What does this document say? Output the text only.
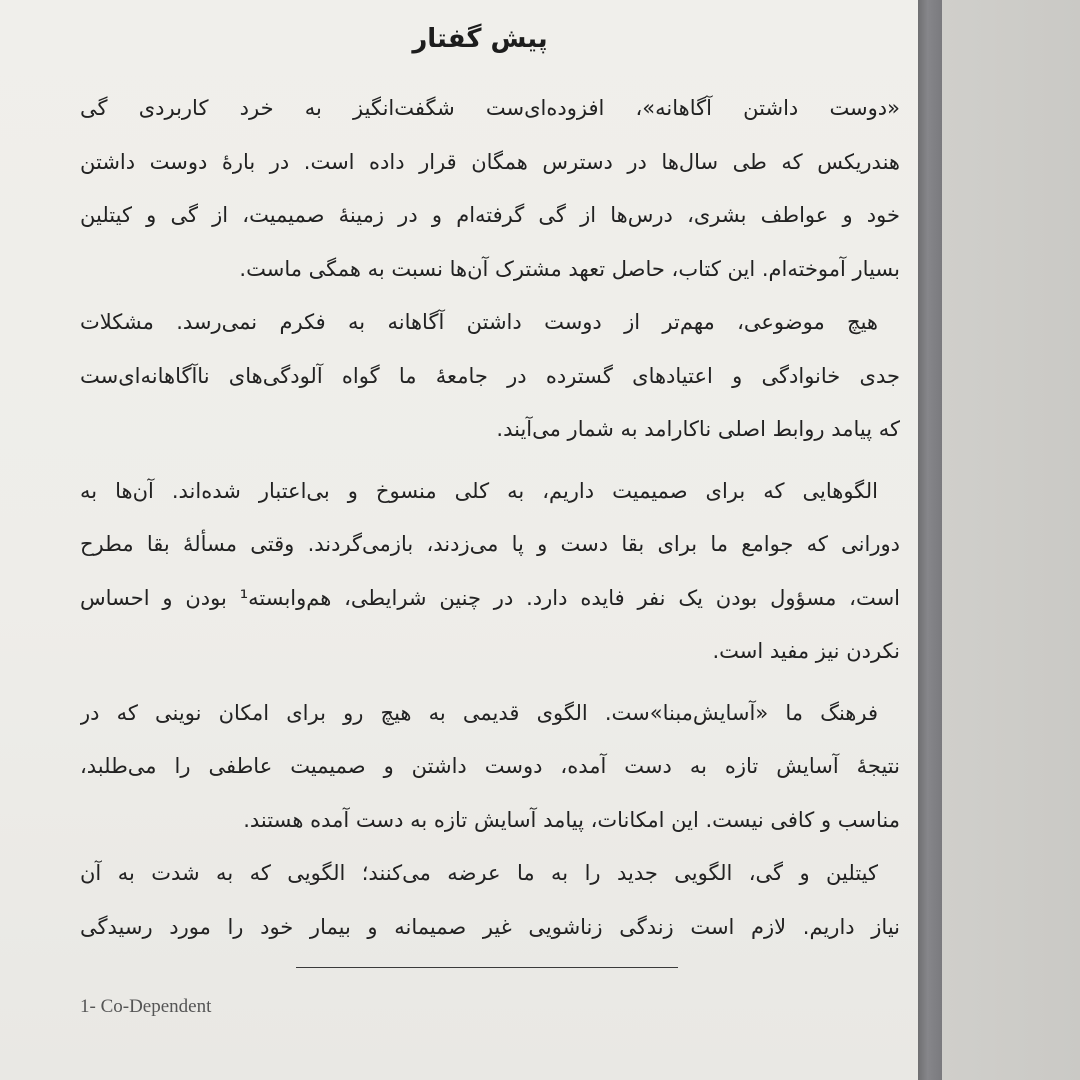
پیش گفتار
«دوست داشتن آگاهانه»، افزوده‌ای‌ست شگفت‌انگیز به خرد کاربردی گی
هندریکس که طی سال‌ها در دسترس همگان قرار داده است. در بارهٔ دوست داشتن
خود و عواطف بشری، درس‌ها از گی گرفته‌ام و در زمینهٔ صمیمیت، از گی و کیتلین
بسیار آموخته‌ام. این کتاب، حاصل تعهد مشترک آن‌ها نسبت به همگی ماست.
هیچ موضوعی، مهم‌تر از دوست داشتن آگاهانه به فکرم نمی‌رسد. مشکلات
جدی خانوادگی و اعتیادهای گسترده در جامعهٔ ما گواه آلودگی‌های ناآگاهانه‌ای‌ست
که پیامد روابط اصلی ناکارامد به شمار می‌آیند.
الگوهایی که برای صمیمیت داریم، به کلی منسوخ و بی‌اعتبار شده‌اند. آن‌ها به
دورانی که جوامع ما برای بقا دست و پا می‌زدند، بازمی‌گردند. وقتی مسألهٔ بقا مطرح
است، مسؤول بودن یک نفر فایده دارد. در چنین شرایطی، هم‌وابسته¹ بودن و احساس
نکردن نیز مفید است.
فرهنگ ما «آسایش‌مبنا»ست. الگوی قدیمی به هیچ رو برای امکان نوینی که در
نتیجهٔ آسایش تازه به دست آمده، دوست داشتن و صمیمیت عاطفی را می‌طلبد،
مناسب و کافی نیست. این امکانات، پیامد آسایش تازه به دست آمده هستند.
کیتلین و گی، الگویی جدید را به ما عرضه می‌کنند؛ الگویی که به شدت به آن
نیاز داریم. لازم است زندگی زناشویی غیر صمیمانه و بیمار خود را مورد رسیدگی
1- Co-Dependent
